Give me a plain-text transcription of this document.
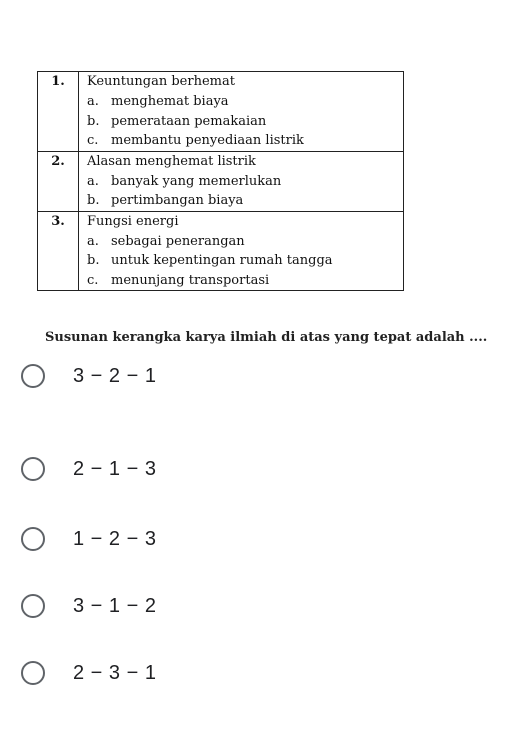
1.	Keuntungan berhemat
a. menghemat biaya
b. pemerataan pemakaian
c. membantu penyediaan listrik

2.	Alasan menghemat listrik
a. banyak yang memerlukan
b. pertimbangan biaya

3.	Fungsi energi
a. sebagai penerangan
b. untuk kepentingan rumah tangga
c. menunjang transportasi
Susunan kerangka karya ilmiah di atas yang tepat adalah ....
3 − 2 − 1
2 − 1 − 3
1 − 2 − 3
3 − 1 − 2
2 − 3 − 1
